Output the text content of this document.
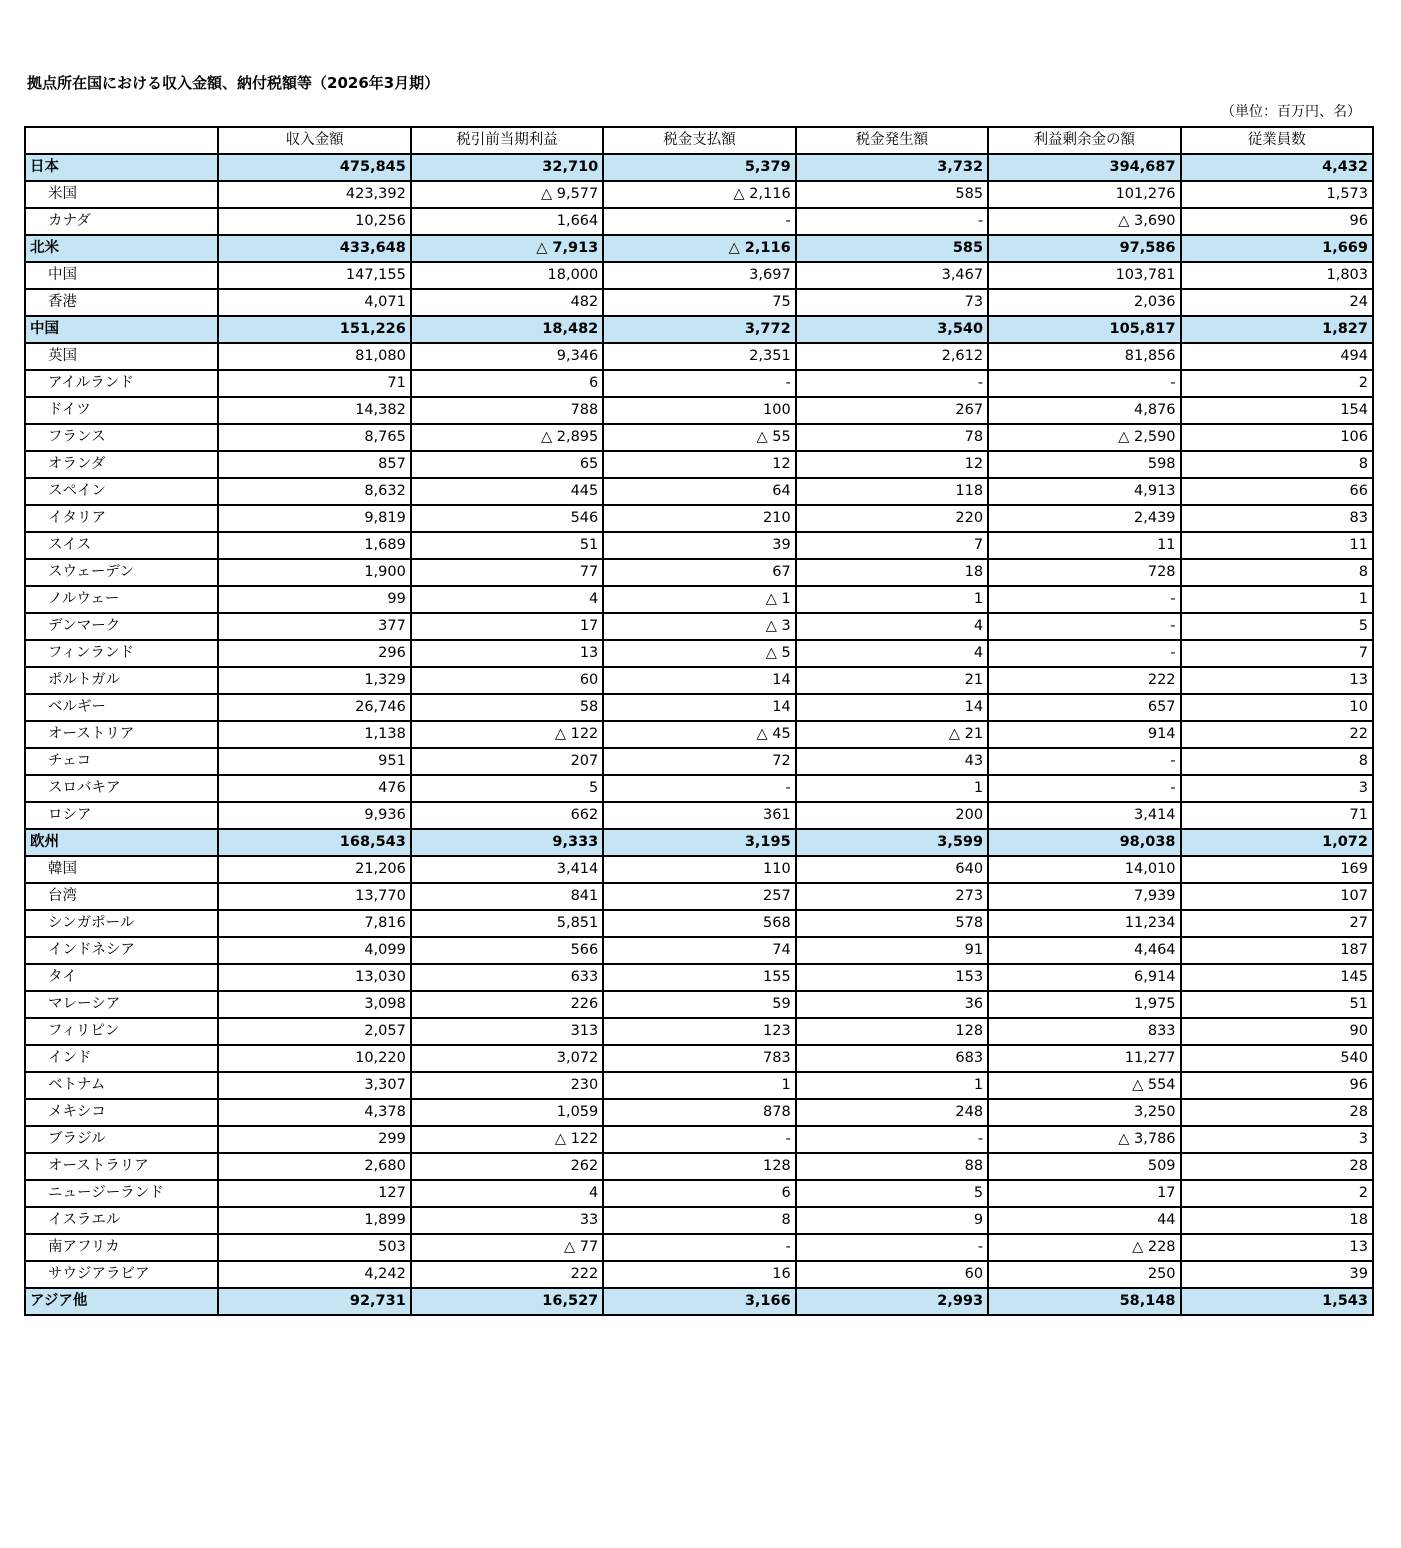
拠点所在国における収入金額、納付税額等（2026年3月期）
（単位：百万円、名）
	収入金額	税引前当期利益	税金支払額	税金発生額	利益剰余金の額	従業員数
日本	475,845	32,710	5,379	3,732	394,687	4,432
米国	423,392	△ 9,577	△ 2,116	585	101,276	1,573
カナダ	10,256	1,664	-	-	△ 3,690	96
北米	433,648	△ 7,913	△ 2,116	585	97,586	1,669
中国	147,155	18,000	3,697	3,467	103,781	1,803
香港	4,071	482	75	73	2,036	24
中国	151,226	18,482	3,772	3,540	105,817	1,827
英国	81,080	9,346	2,351	2,612	81,856	494
アイルランド	71	6	-	-	-	2
ドイツ	14,382	788	100	267	4,876	154
フランス	8,765	△ 2,895	△ 55	78	△ 2,590	106
オランダ	857	65	12	12	598	8
スペイン	8,632	445	64	118	4,913	66
イタリア	9,819	546	210	220	2,439	83
スイス	1,689	51	39	7	11	11
スウェーデン	1,900	77	67	18	728	8
ノルウェー	99	4	△ 1	1	-	1
デンマーク	377	17	△ 3	4	-	5
フィンランド	296	13	△ 5	4	-	7
ポルトガル	1,329	60	14	21	222	13
ベルギー	26,746	58	14	14	657	10
オーストリア	1,138	△ 122	△ 45	△ 21	914	22
チェコ	951	207	72	43	-	8
スロバキア	476	5	-	1	-	3
ロシア	9,936	662	361	200	3,414	71
欧州	168,543	9,333	3,195	3,599	98,038	1,072
韓国	21,206	3,414	110	640	14,010	169
台湾	13,770	841	257	273	7,939	107
シンガポール	7,816	5,851	568	578	11,234	27
インドネシア	4,099	566	74	91	4,464	187
タイ	13,030	633	155	153	6,914	145
マレーシア	3,098	226	59	36	1,975	51
フィリピン	2,057	313	123	128	833	90
インド	10,220	3,072	783	683	11,277	540
ベトナム	3,307	230	1	1	△ 554	96
メキシコ	4,378	1,059	878	248	3,250	28
ブラジル	299	△ 122	-	-	△ 3,786	3
オーストラリア	2,680	262	128	88	509	28
ニュージーランド	127	4	6	5	17	2
イスラエル	1,899	33	8	9	44	18
南アフリカ	503	△ 77	-	-	△ 228	13
サウジアラビア	4,242	222	16	60	250	39
アジア他	92,731	16,527	3,166	2,993	58,148	1,543
